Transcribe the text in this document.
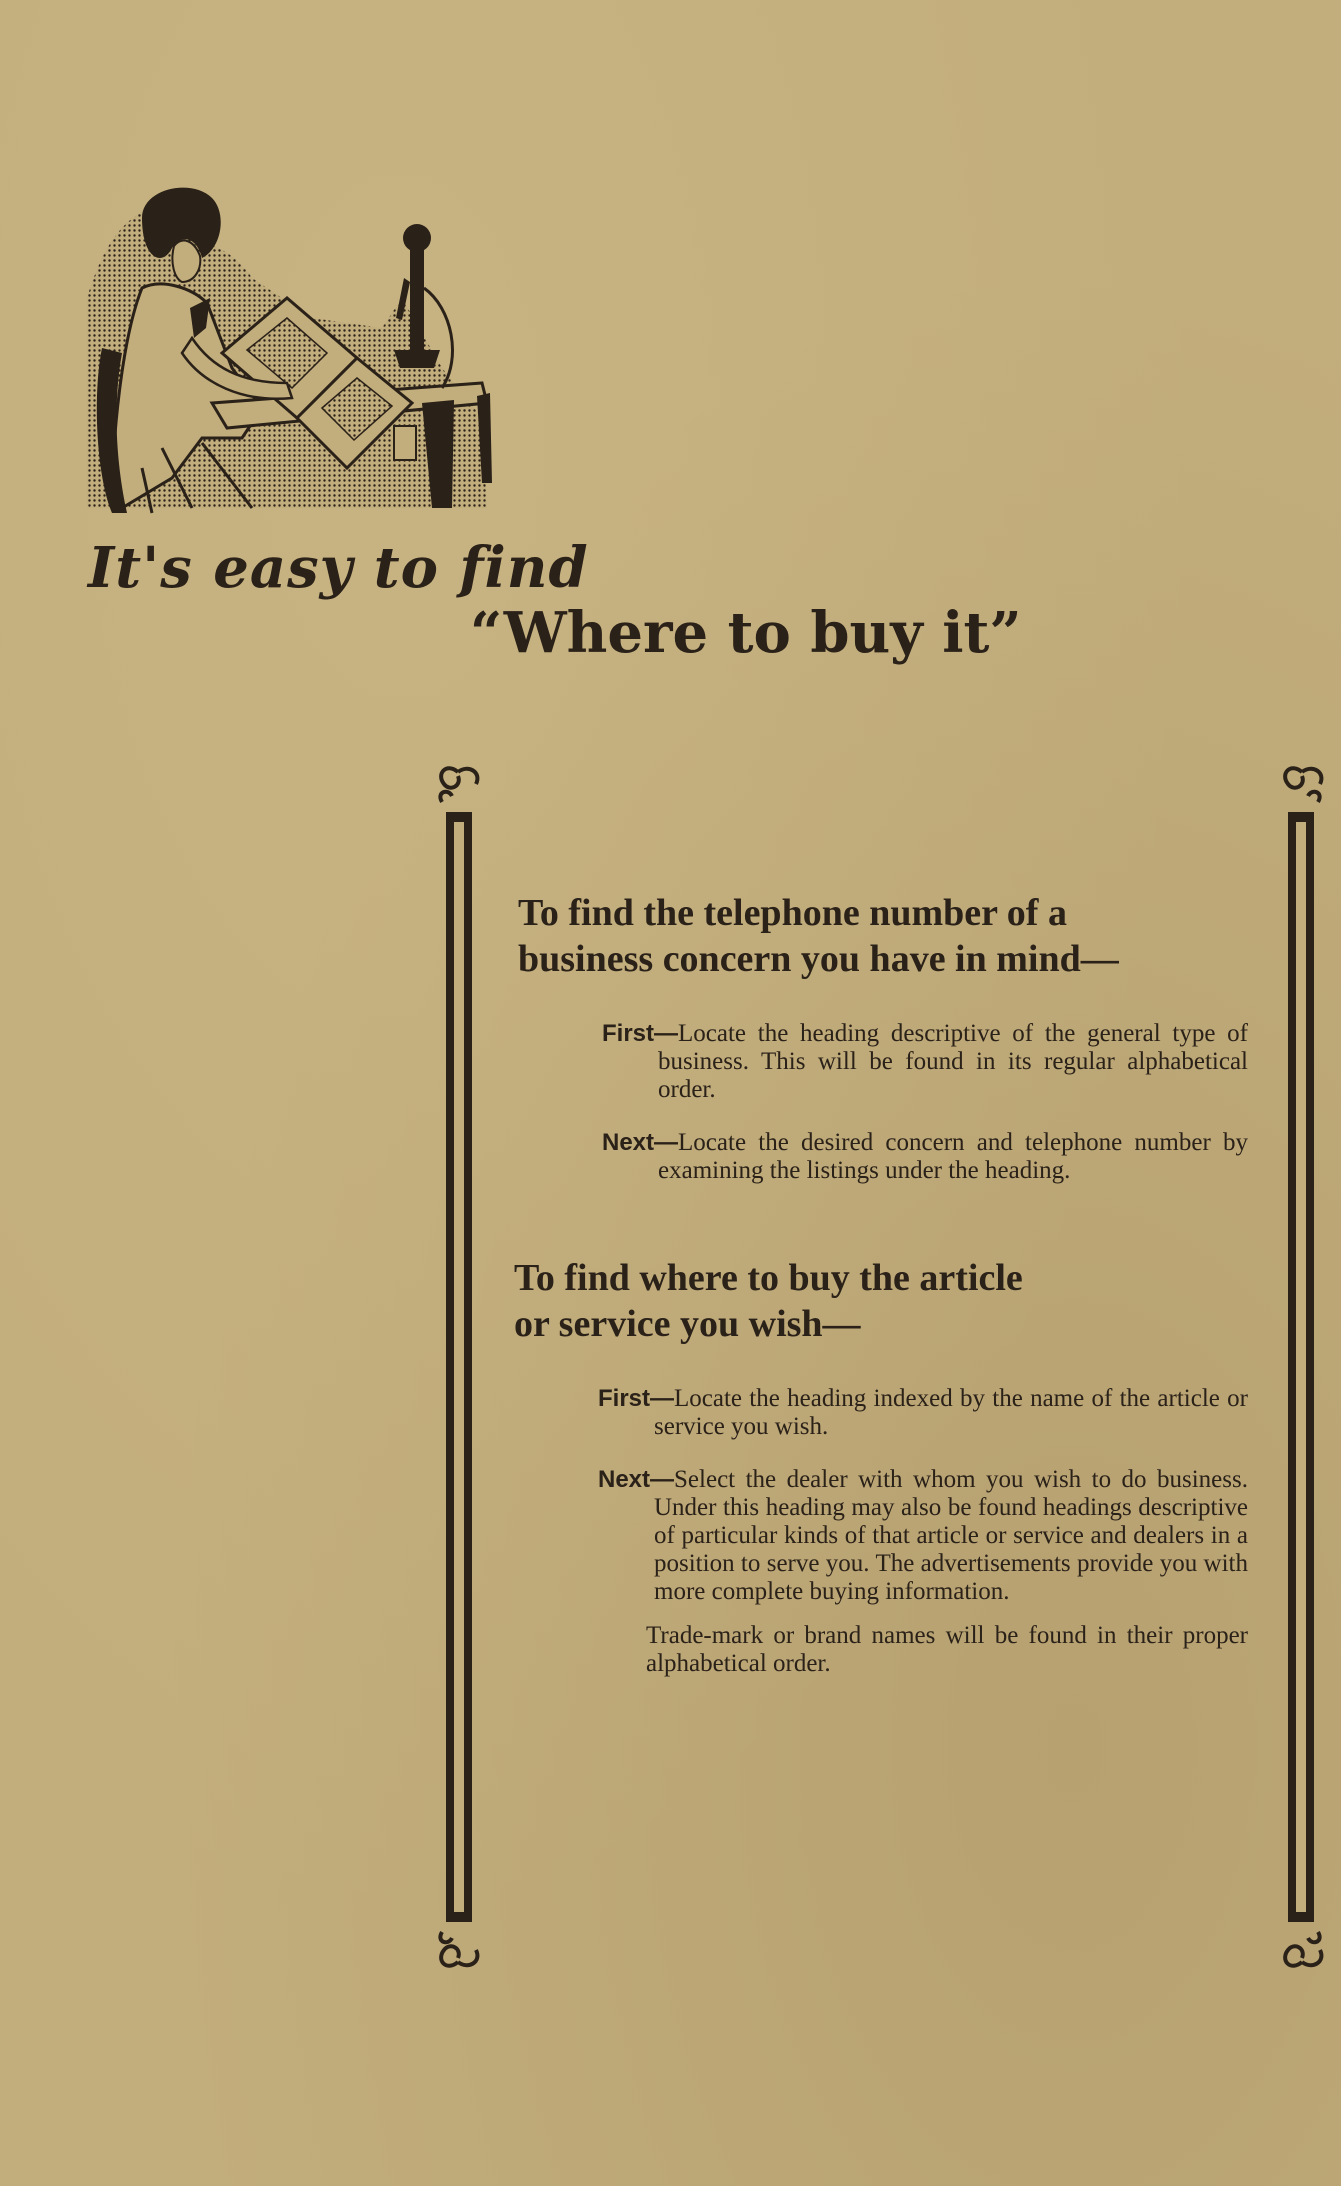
It's easy to find
“Where to buy it”
To find the telephone number of a
business concern you have in mind—

First—Locate the heading descriptive of the general type of business. This will be found in its regular alphabetical order.

Next—Locate the desired concern and telephone number by examining the listings under the heading.

To find where to buy the article
or service you wish—

First—Locate the heading indexed by the name of the article or service you wish.

Next—Select the dealer with whom you wish to do business. Under this heading may also be found headings descriptive of particular kinds of that article or service and dealers in a position to serve you. The advertisements provide you with more complete buying information.

Trade-mark or brand names will be found in their proper alphabetical order.
